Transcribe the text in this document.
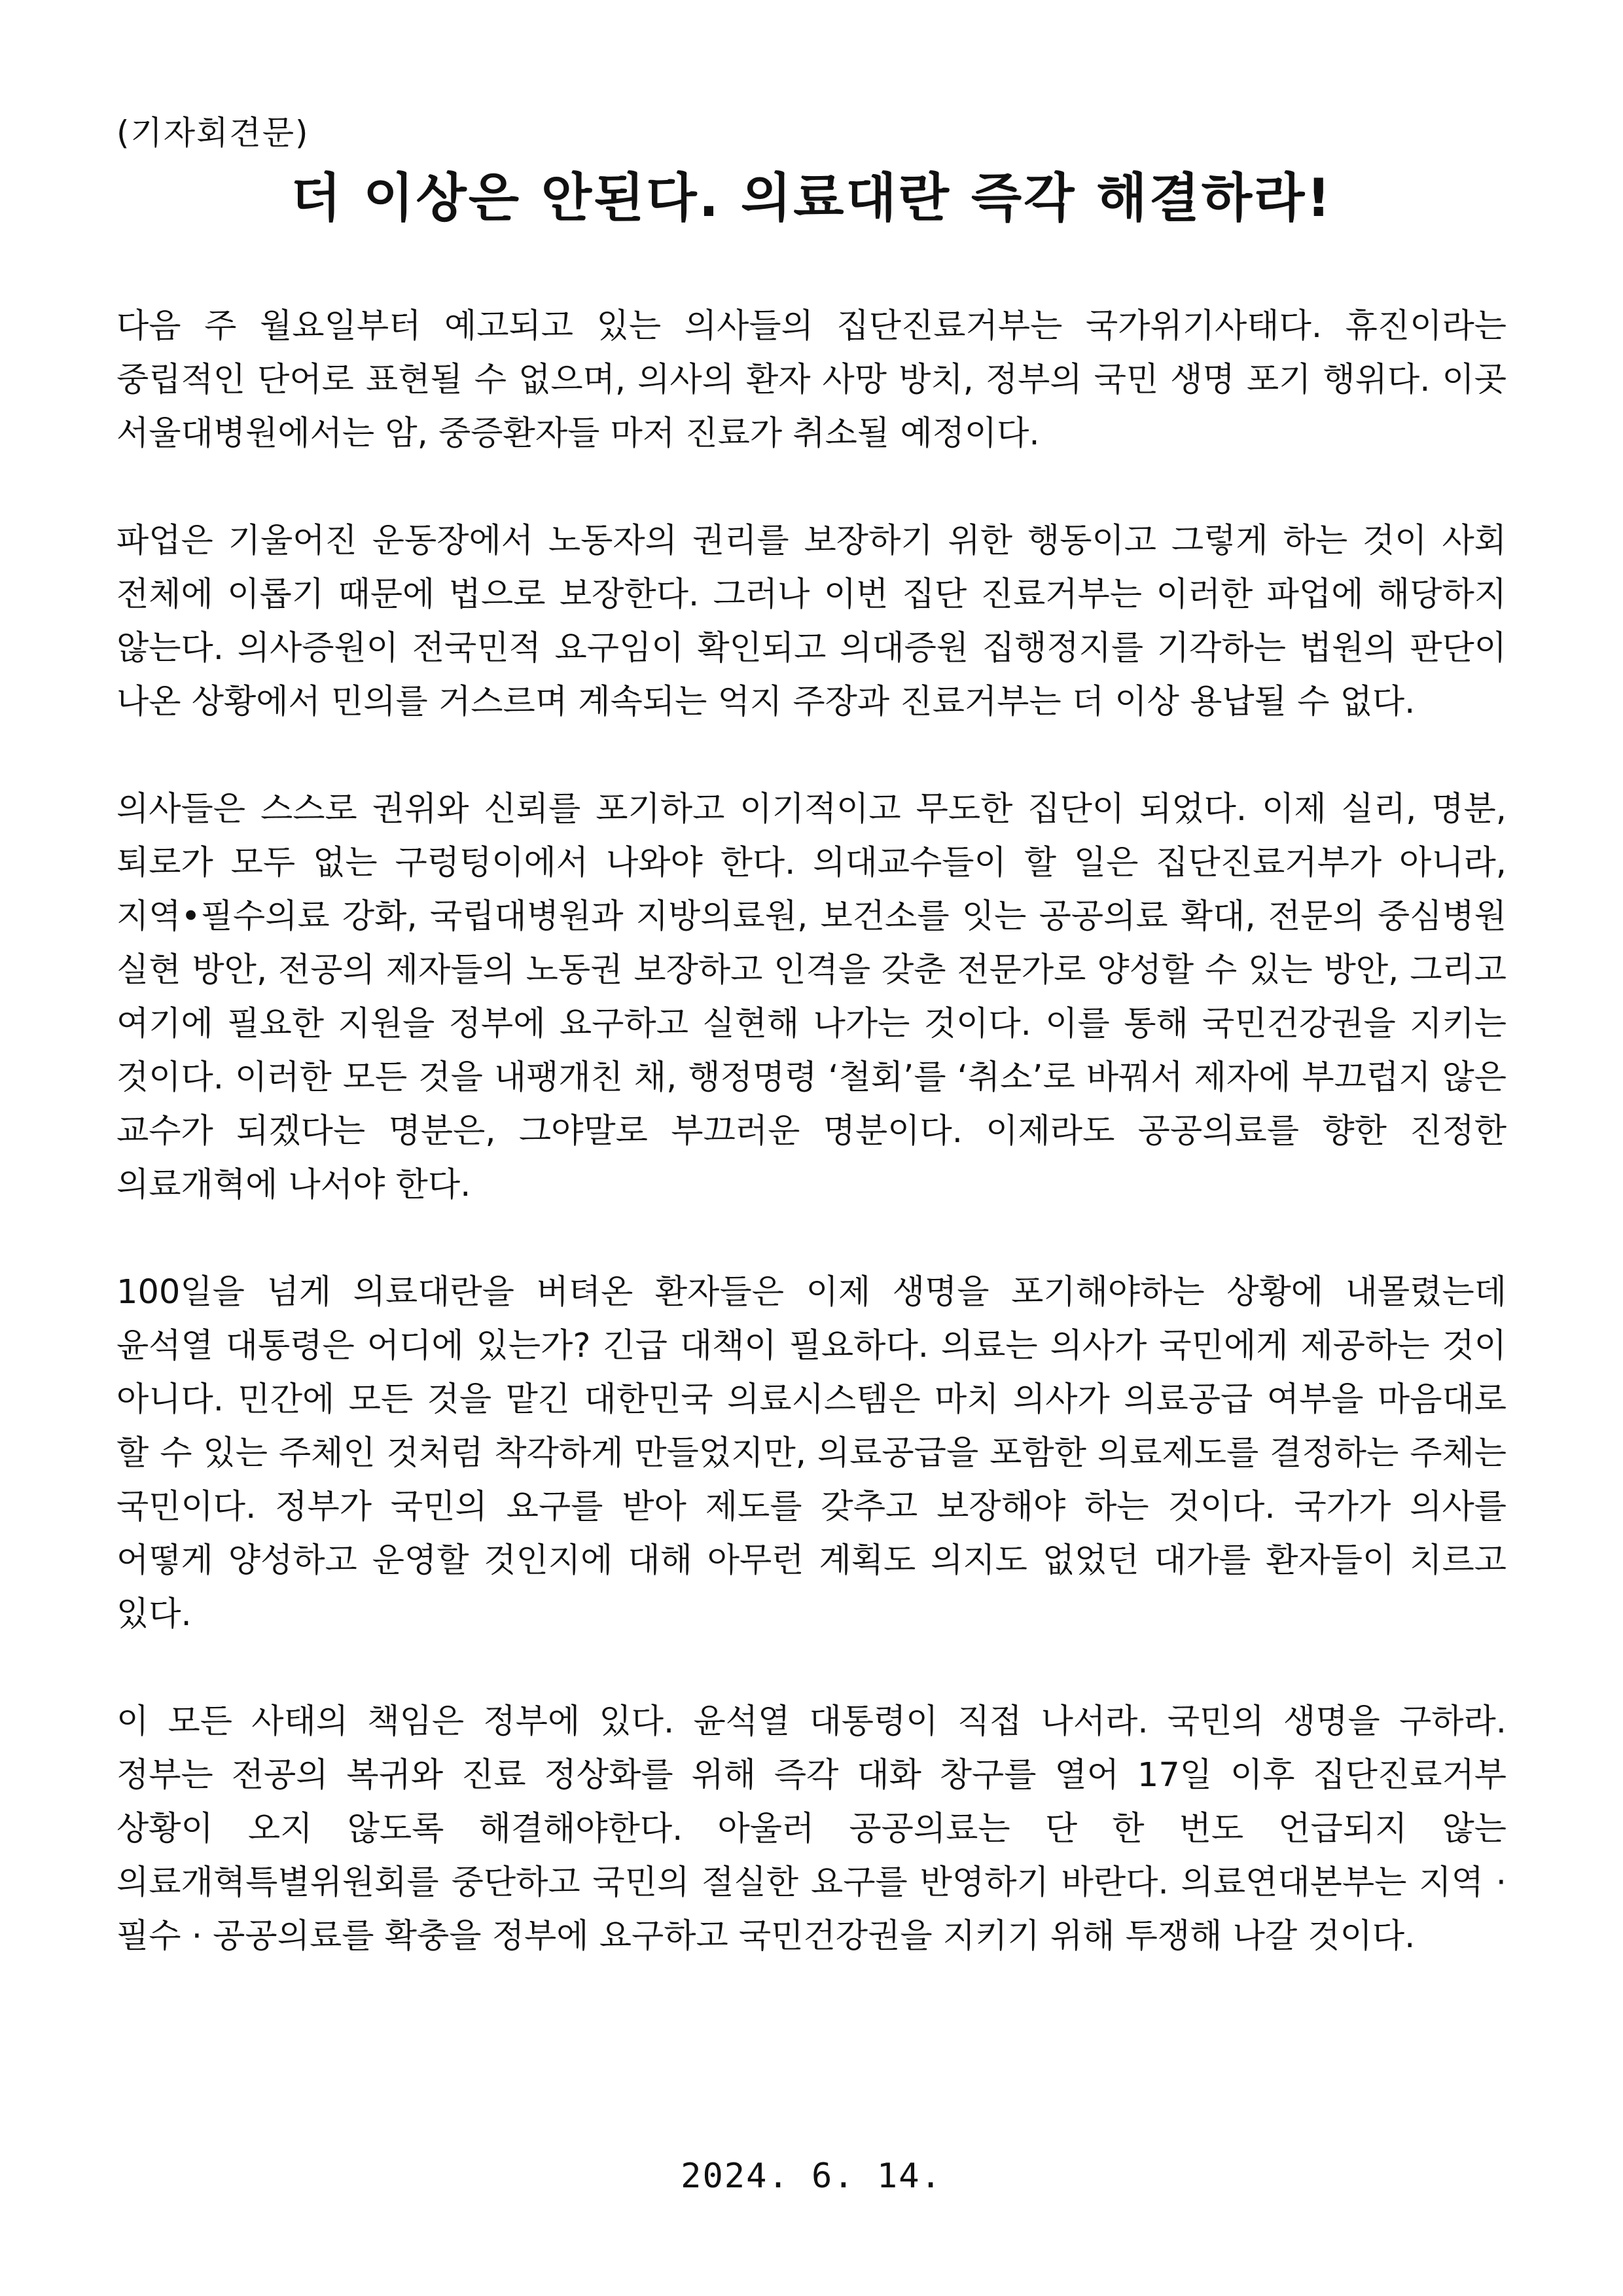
(기자회견문)
더 이상은 안된다. 의료대란 즉각 해결하라!

다음 주 월요일부터 예고되고 있는 의사들의 집단진료거부는 국가위기사태다. 휴진이라는 중립적인 단어로 표현될 수 없으며, 의사의 환자 사망 방치, 정부의 국민 생명 포기 행위다. 이곳 서울대병원에서는 암, 중증환자들 마저 진료가 취소될 예정이다.

파업은 기울어진 운동장에서 노동자의 권리를 보장하기 위한 행동이고 그렇게 하는 것이 사회 전체에 이롭기 때문에 법으로 보장한다. 그러나 이번 집단 진료거부는 이러한 파업에 해당하지 않는다. 의사증원이 전국민적 요구임이 확인되고 의대증원 집행정지를 기각하는 법원의 판단이 나온 상황에서 민의를 거스르며 계속되는 억지 주장과 진료거부는 더 이상 용납될 수 없다.

의사들은 스스로 권위와 신뢰를 포기하고 이기적이고 무도한 집단이 되었다. 이제 실리, 명분, 퇴로가 모두 없는 구렁텅이에서 나와야 한다. 의대교수들이 할 일은 집단진료거부가 아니라, 지역•필수의료 강화, 국립대병원과 지방의료원, 보건소를 잇는 공공의료 확대, 전문의 중심병원 실현 방안, 전공의 제자들의 노동권 보장하고 인격을 갖춘 전문가로 양성할 수 있는 방안, 그리고 여기에 필요한 지원을 정부에 요구하고 실현해 나가는 것이다. 이를 통해 국민건강권을 지키는 것이다. 이러한 모든 것을 내팽개친 채, 행정명령 ‘철회’를 ‘취소’로 바꿔서 제자에 부끄럽지 않은 교수가 되겠다는 명분은, 그야말로 부끄러운 명분이다. 이제라도 공공의료를 향한 진정한 의료개혁에 나서야 한다.

100일을 넘게 의료대란을 버텨온 환자들은 이제 생명을 포기해야하는 상황에 내몰렸는데 윤석열 대통령은 어디에 있는가? 긴급 대책이 필요하다. 의료는 의사가 국민에게 제공하는 것이 아니다. 민간에 모든 것을 맡긴 대한민국 의료시스템은 마치 의사가 의료공급 여부을 마음대로 할 수 있는 주체인 것처럼 착각하게 만들었지만, 의료공급을 포함한 의료제도를 결정하는 주체는 국민이다. 정부가 국민의 요구를 받아 제도를 갖추고 보장해야 하는 것이다. 국가가 의사를 어떻게 양성하고 운영할 것인지에 대해 아무런 계획도 의지도 없었던 대가를 환자들이 치르고 있다.

이 모든 사태의 책임은 정부에 있다. 윤석열 대통령이 직접 나서라. 국민의 생명을 구하라. 정부는 전공의 복귀와 진료 정상화를 위해 즉각 대화 창구를 열어 17일 이후 집단진료거부 상황이 오지 않도록 해결해야한다. 아울러 공공의료는 단 한 번도 언급되지 않는 의료개혁특별위원회를 중단하고 국민의 절실한 요구를 반영하기 바란다. 의료연대본부는 지역 · 필수 · 공공의료를 확충을 정부에 요구하고 국민건강권을 지키기 위해 투쟁해 나갈 것이다.

2024. 6. 14.
